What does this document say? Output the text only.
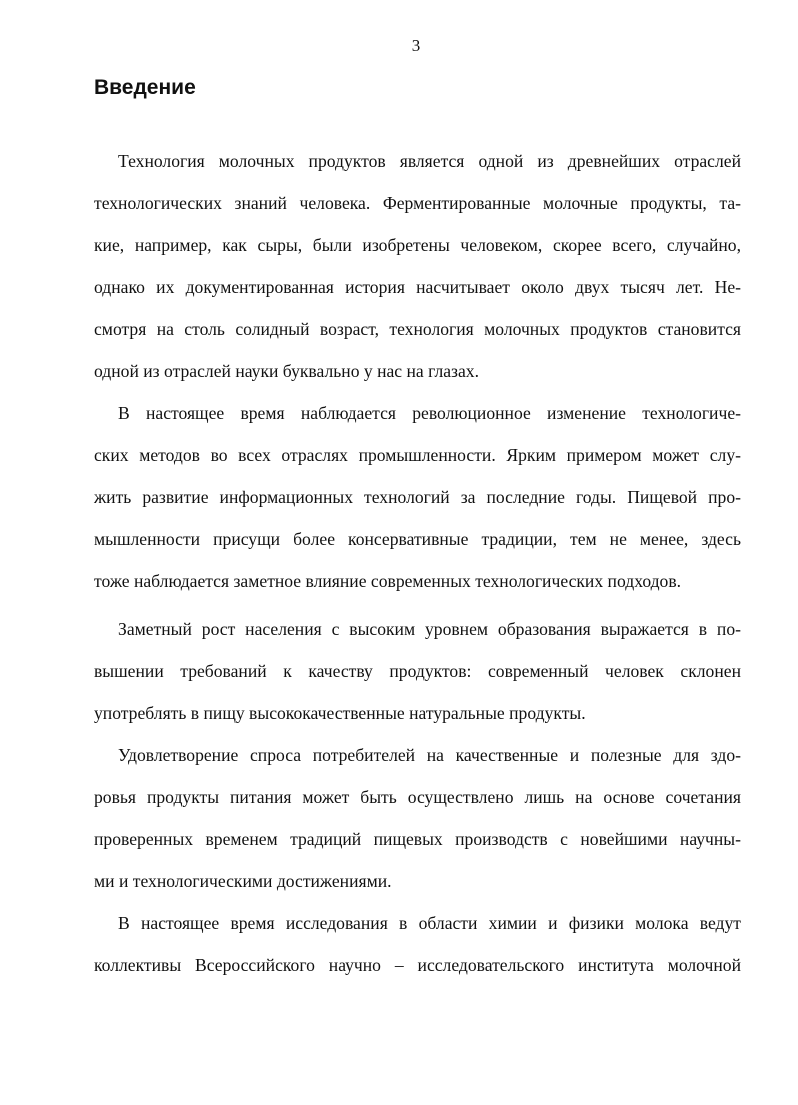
3
Введение
Технология молочных продуктов является одной из древнейших отраслей
технологических знаний человека. Ферментированные молочные продукты, та-
кие, например, как сыры, были изобретены человеком, скорее всего, случайно,
однако их документированная история насчитывает около двух тысяч лет. Не-
смотря на столь солидный возраст, технология молочных продуктов становится
одной из отраслей науки буквально у нас на глазах.
В настоящее время наблюдается революционное изменение технологиче-
ских методов во всех отраслях промышленности. Ярким примером может слу-
жить развитие информационных технологий за последние годы. Пищевой про-
мышленности присущи более консервативные традиции, тем не менее, здесь
тоже наблюдается заметное влияние современных технологических подходов.
Заметный рост населения с высоким уровнем образования выражается в по-
вышении требований к качеству продуктов: современный человек склонен
употреблять в пищу высококачественные натуральные продукты.
Удовлетворение спроса потребителей на качественные и полезные для здо-
ровья продукты питания может быть осуществлено лишь на основе сочетания
проверенных временем традиций пищевых производств с новейшими научны-
ми и технологическими достижениями.
В настоящее время исследования в области химии и физики молока ведут
коллективы Всероссийского научно – исследовательского института молочной
